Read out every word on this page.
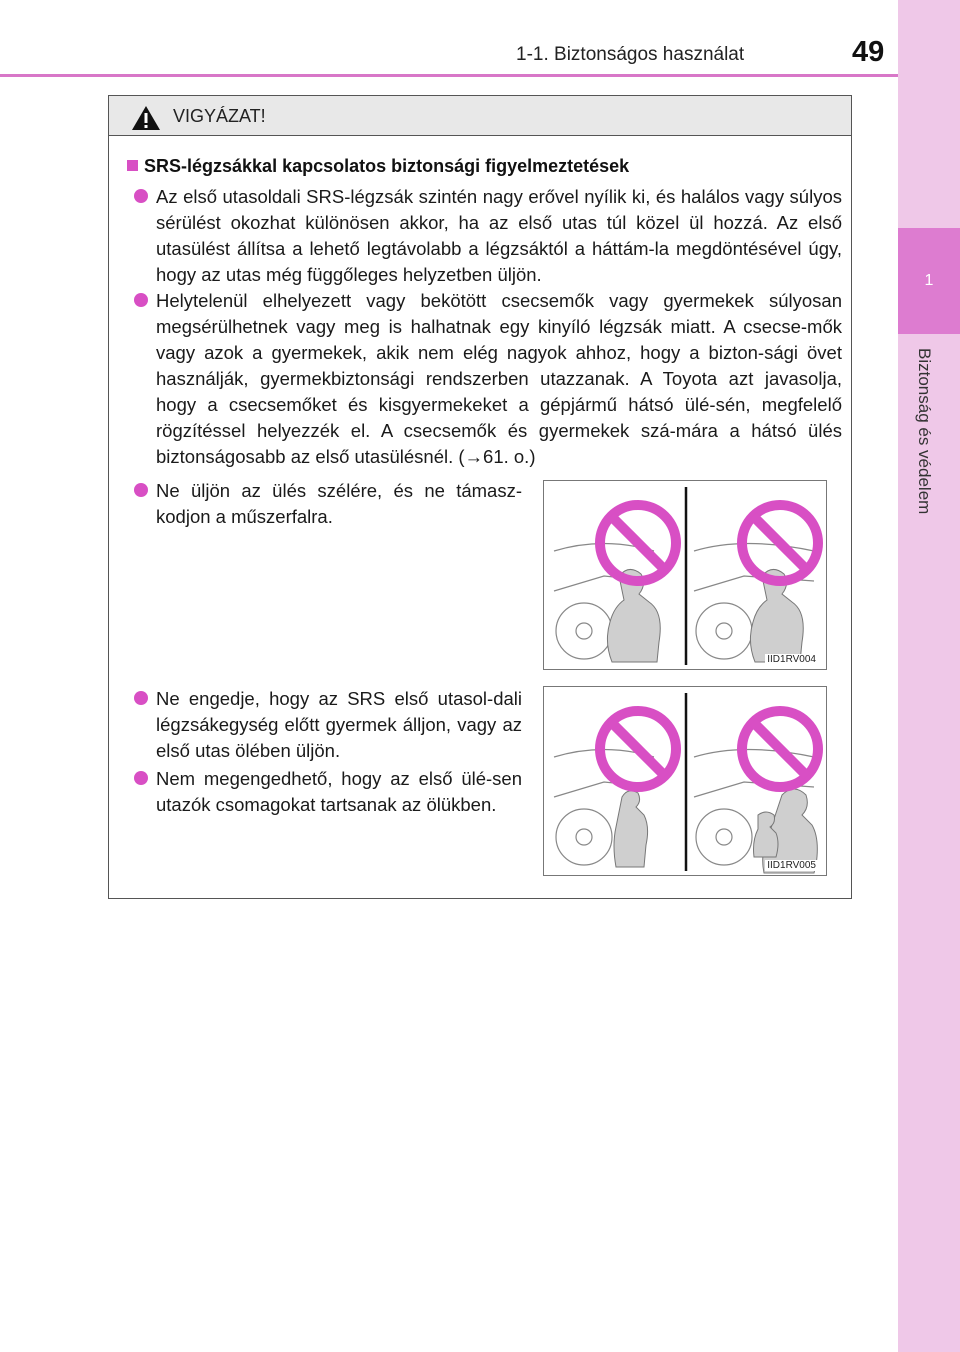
1-1. Biztonságos használat	49
1
Biztonság és védelem
VIGYÁZAT!
SRS-légzsákkal kapcsolatos biztonsági figyelmeztetések
Az első utasoldali SRS-légzsák szintén nagy erővel nyílik ki, és halálos vagy súlyos sérülést okozhat különösen akkor, ha az első utas túl közel ül hozzá. Az első utasülést állítsa a lehető legtávolabb a légzsáktól a háttám-la megdöntésével úgy, hogy az utas még függőleges helyzetben üljön.
Helytelenül elhelyezett vagy bekötött csecsemők vagy gyermekek súlyosan megsérülhetnek vagy meg is halhatnak egy kinyíló légzsák miatt. A csecse-mők vagy azok a gyermekek, akik nem elég nagyok ahhoz, hogy a bizton-sági övet használják, gyermekbiztonsági rendszerben utazzanak. A Toyota azt javasolja, hogy a csecsemőket és kisgyermekeket a gépjármű hátsó ülé-sén, megfelelő rögzítéssel helyezzék el. A csecsemők és gyermekek szá-mára a hátsó ülés biztonságosabb az első utasülésnél. (→61. o.)
Ne üljön az ülés szélére, és ne támasz-kodjon a műszerfalra.
Ne engedje, hogy az SRS első utasol-dali légzsákegység előtt gyermek álljon, vagy az első utas ölében üljön.
Nem megengedhető, hogy az első ülé-sen utazók csomagokat tartsanak az ölükben.
IID1RV004
IID1RV005
